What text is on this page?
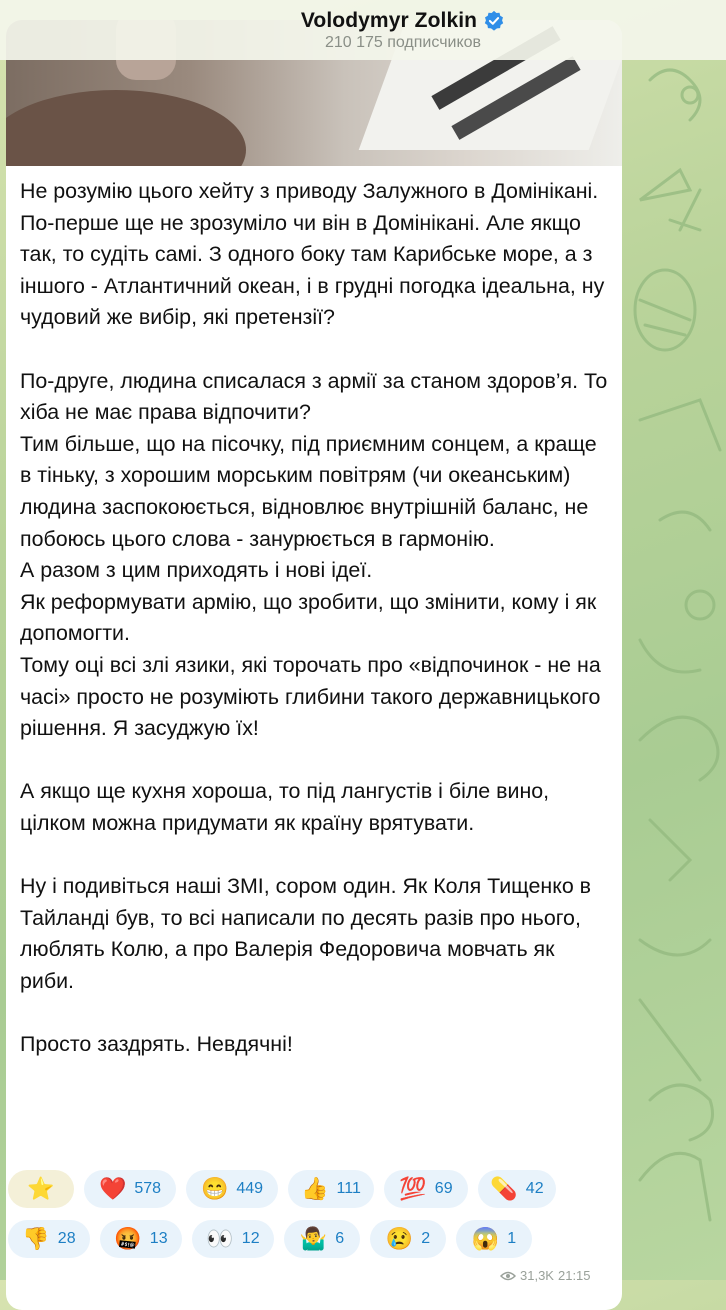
Volodymyr Zolkin
210 175 подписчиков
Не розумію цього хейту з приводу Залужного в Домінікані.
По-перше ще не зрозуміло чи він в Домінікані. Але якщо так, то судіть самі. З одного боку там Карибське море, а з іншого - Атлантичний океан, і в грудні погодка ідеальна, ну чудовий же вибір, які претензії?

По-друге, людина списалася з армії за станом здоров’я. То хіба не має права відпочити?
Тим більше, що на пісочку, під приємним сонцем, а краще в тіньку, з хорошим морським повітрям (чи океанським) людина заспокоюється, відновлює внутрішній баланс, не побоюсь цього слова - занурюється в гармонію.
А разом з цим приходять і нові ідеї.
Як реформувати армію, що зробити, що змінити, кому і як допомогти.
Тому оці всі злі язики, які торочать про «відпочинок - не на часі» просто не розуміють глибини такого державницького рішення. Я засуджую їх!

А якщо ще кухня хороша, то під лангустів і біле вино, цілком можна придумати як країну врятувати.

Ну і подивіться наші ЗМІ, сором один. Як Коля Тищенко в Тайланді був, то всі написали по десять разів про нього, люблять Колю, а про Валерія Федоровича мовчать як риби.

Просто заздрять. Невдячні!
⭐ ❤️ 578 😁 449 👍 111 💯 69 💊 42
👎 28 🤬 13 👀 12 🤷‍♂️ 6 😢 2 😱 1
31,3K 21:15
